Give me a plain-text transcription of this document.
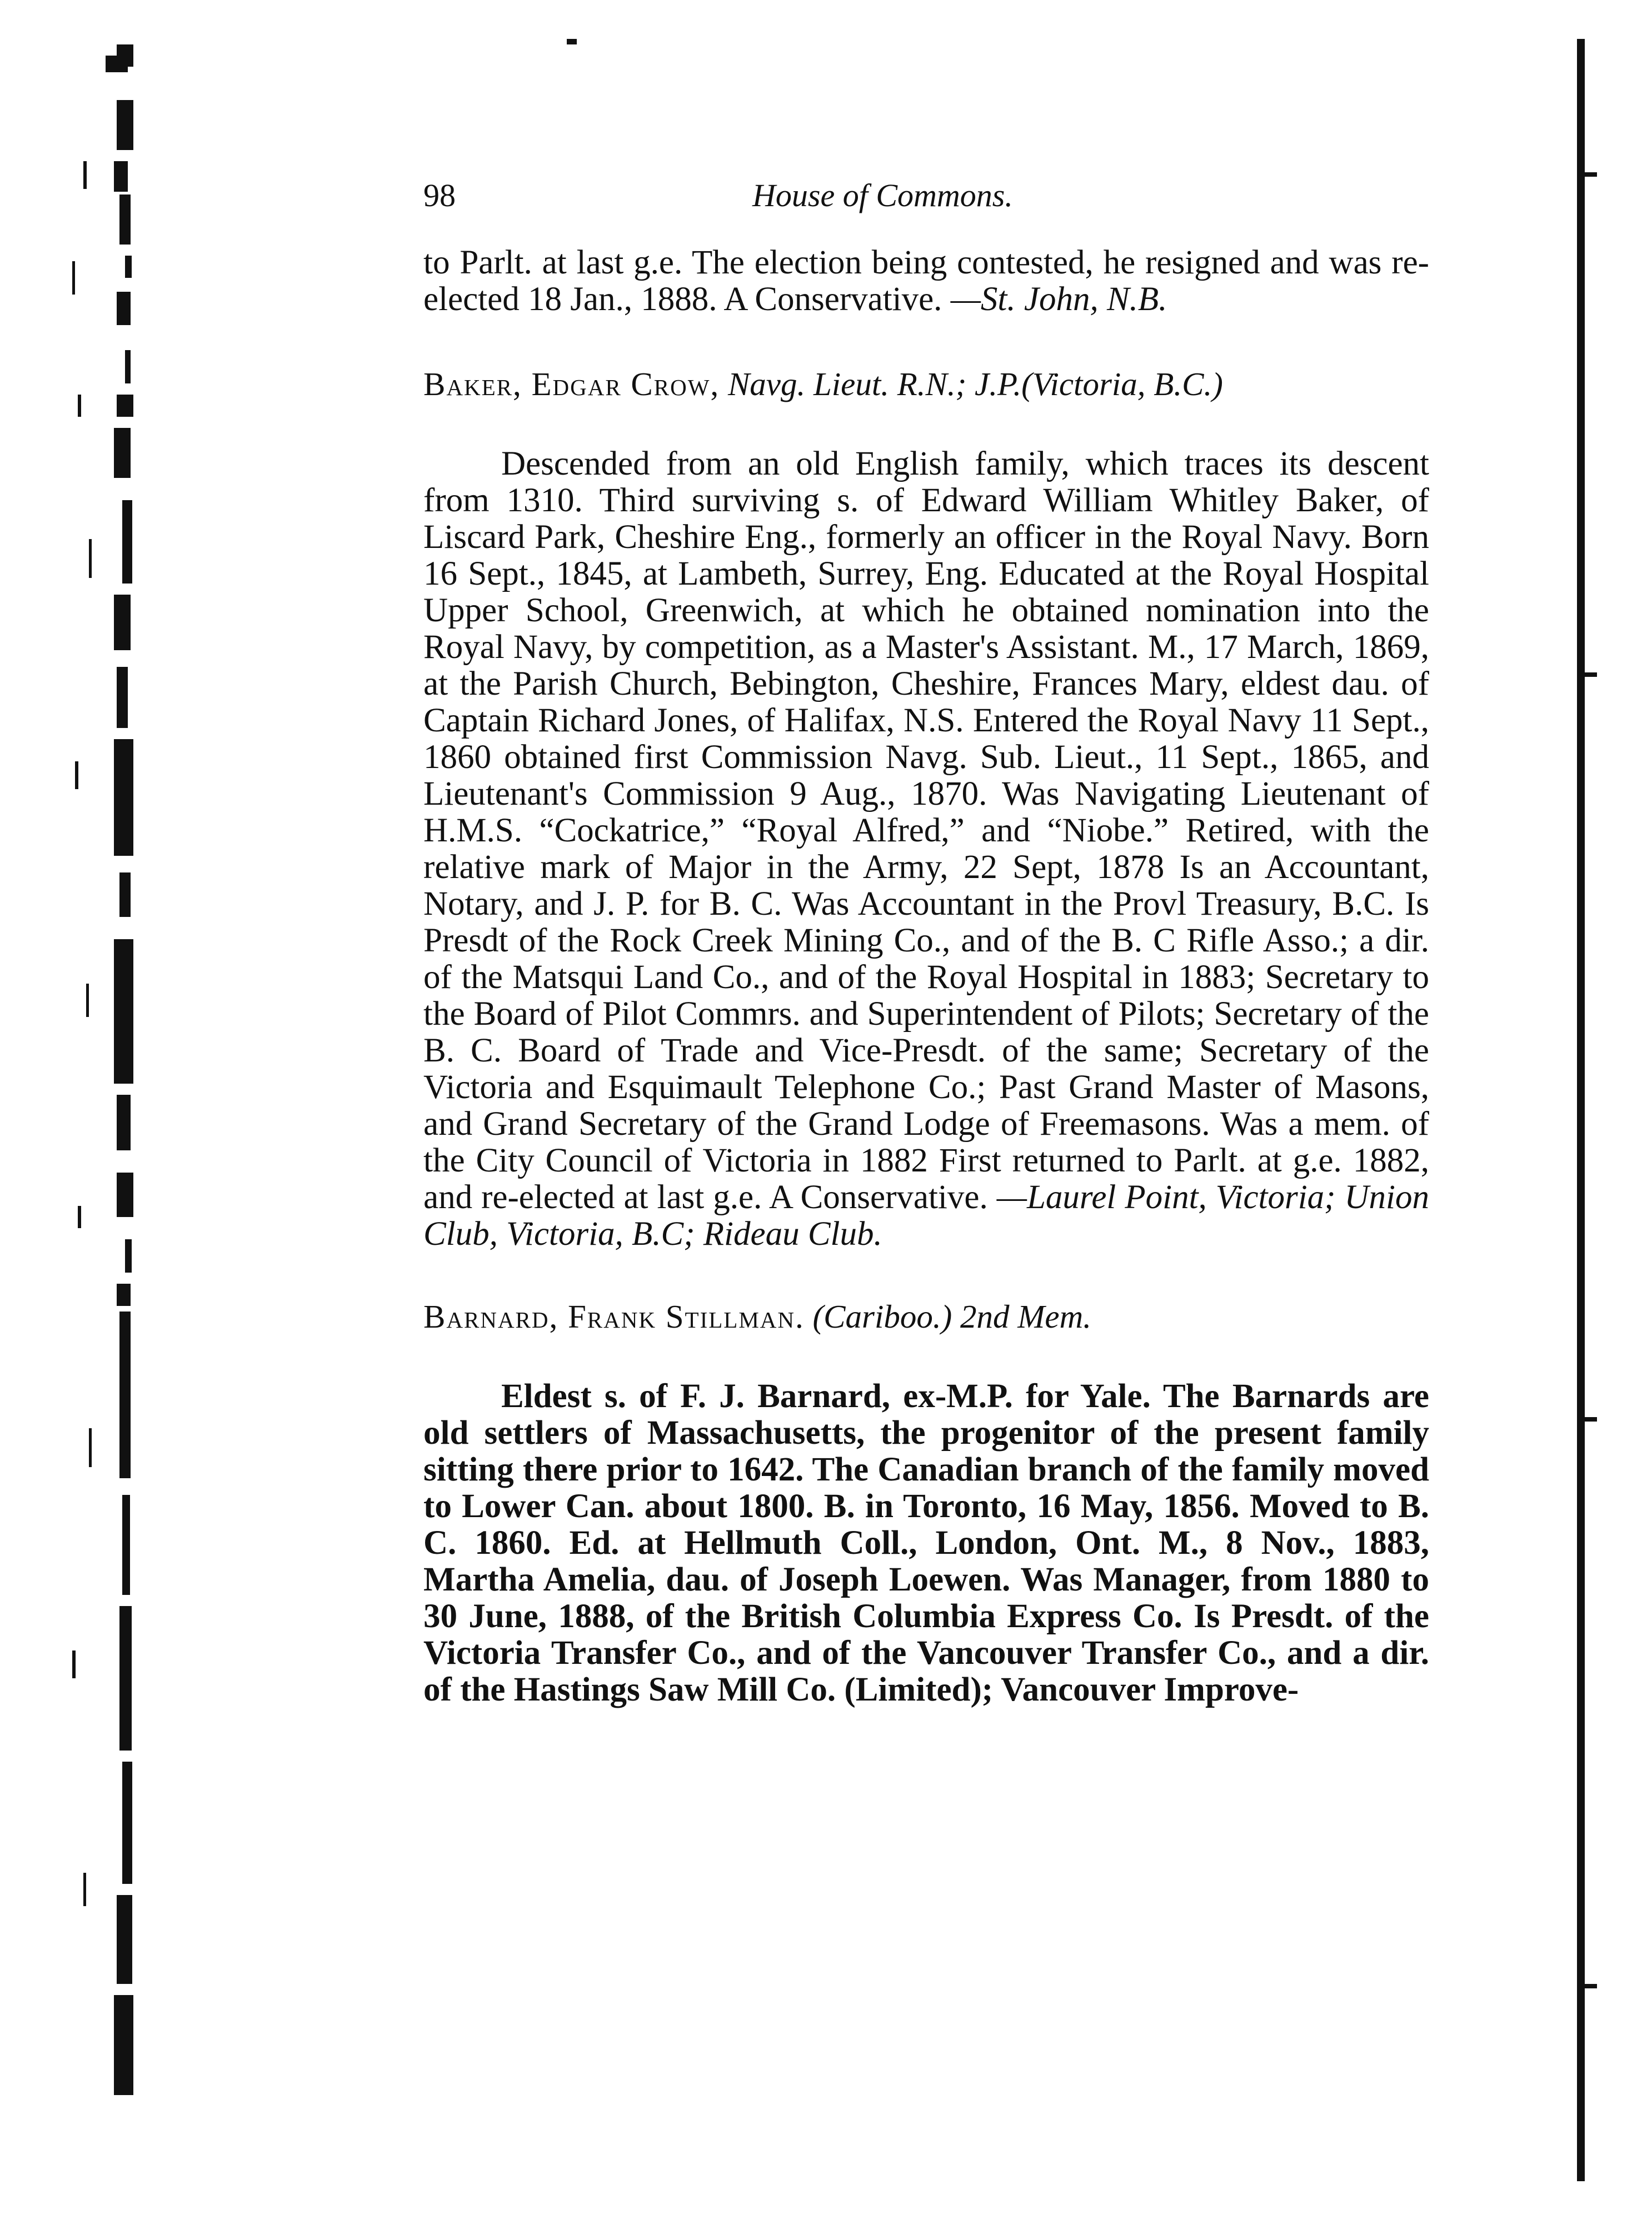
98	House of Commons.

to Parlt. at last g.e. The election being contested, he resigned and was re-elected 18 Jan., 1888. A Conservative. —St. John, N.B.

Baker, Edgar Crow, Navg. Lieut. R.N.; J.P.(Victoria, B.C.)

Descended from an old English family, which traces its descent from 1310. Third surviving s. of Edward William Whitley Baker, of Liscard Park, Cheshire Eng., formerly an officer in the Royal Navy. Born 16 Sept., 1845, at Lambeth, Surrey, Eng. Educated at the Royal Hospital Upper School, Greenwich, at which he obtained nomination into the Royal Navy, by competition, as a Master's Assistant. M., 17 March, 1869, at the Parish Church, Bebington, Cheshire, Frances Mary, eldest dau. of Captain Richard Jones, of Halifax, N.S. Entered the Royal Navy 11 Sept., 1860 obtained first Commission Navg. Sub. Lieut., 11 Sept., 1865, and Lieutenant's Commission 9 Aug., 1870. Was Navigating Lieutenant of H.M.S. “Cockatrice,” “Royal Alfred,” and “Niobe.” Retired, with the relative mark of Major in the Army, 22 Sept, 1878 Is an Accountant, Notary, and J. P. for B. C. Was Accountant in the Provl Treasury, B.C. Is Presdt of the Rock Creek Mining Co., and of the B. C Rifle Asso.; a dir. of the Matsqui Land Co., and of the Royal Hospital in 1883; Secretary to the Board of Pilot Commrs. and Superintendent of Pilots; Secretary of the B. C. Board of Trade and Vice-Presdt. of the same; Secretary of the Victoria and Esquimault Telephone Co.; Past Grand Master of Masons, and Grand Secretary of the Grand Lodge of Freemasons. Was a mem. of the City Council of Victoria in 1882 First returned to Parlt. at g.e. 1882, and re-elected at last g.e. A Conservative. —Laurel Point, Victoria; Union Club, Victoria, B.C; Rideau Club.

Barnard, Frank Stillman. (Cariboo.) 2nd Mem.

Eldest s. of F. J. Barnard, ex-M.P. for Yale. The Barnards are old settlers of Massachusetts, the progenitor of the present family sitting there prior to 1642. The Canadian branch of the family moved to Lower Can. about 1800. B. in Toronto, 16 May, 1856. Moved to B. C. 1860. Ed. at Hellmuth Coll., London, Ont. M., 8 Nov., 1883, Martha Amelia, dau. of Joseph Loewen. Was Manager, from 1880 to 30 June, 1888, of the British Columbia Express Co. Is Presdt. of the Victoria Transfer Co., and of the Vancouver Transfer Co., and a dir. of the Hastings Saw Mill Co. (Limited); Vancouver Improve-
